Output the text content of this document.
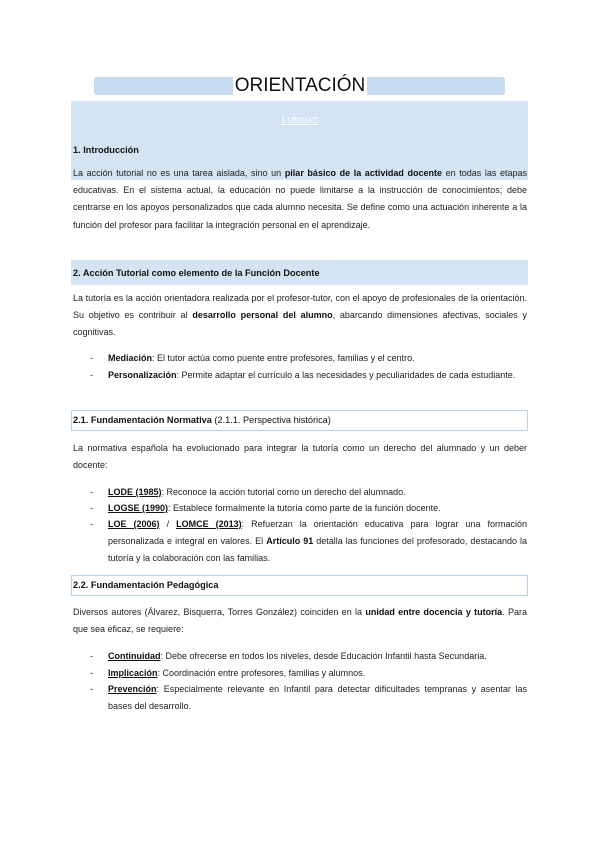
ORIENTACIÓN
1 UNIDAD
1. Introducción
La acción tutorial no es una tarea aislada, sino un pilar básico de la actividad docente en todas las etapas educativas. En el sistema actual, la educación no puede limitarse a la instrucción de conocimientos; debe centrarse en los apoyos personalizados que cada alumno necesita. Se define como una actuación inherente a la función del profesor para facilitar la integración personal en el aprendizaje.
2. Acción Tutorial como elemento de la Función Docente
La tutoría es la acción orientadora realizada por el profesor-tutor, con el apoyo de profesionales de la orientación. Su objetivo es contribuir al desarrollo personal del alumno, abarcando dimensiones afectivas, sociales y cognitivas.
- Mediación: El tutor actúa como puente entre profesores, familias y el centro.
- Personalización: Permite adaptar el currículo a las necesidades y peculiaridades de cada estudiante.
2.1. Fundamentación Normativa (2.1.1. Perspectiva histórica)
La normativa española ha evolucionado para integrar la tutoría como un derecho del alumnado y un deber docente:
- LODE (1985): Reconoce la acción tutorial como un derecho del alumnado.
- LOGSE (1990): Establece formalmente la tutoría como parte de la función docente.
- LOE (2006) / LOMCE (2013): Refuerzan la orientación educativa para lograr una formación personalizada e integral en valores. El Artículo 91 detalla las funciones del profesorado, destacando la tutoría y la colaboración con las familias.
2.2. Fundamentación Pedagógica
Diversos autores (Álvarez, Bisquerra, Torres González) coinciden en la unidad entre docencia y tutoría. Para que sea eficaz, se requiere:
- Continuidad: Debe ofrecerse en todos los niveles, desde Educación Infantil hasta Secundaria.
- Implicación: Coordinación entre profesores, familias y alumnos.
- Prevención: Especialmente relevante en Infantil para detectar dificultades tempranas y asentar las bases del desarrollo.
